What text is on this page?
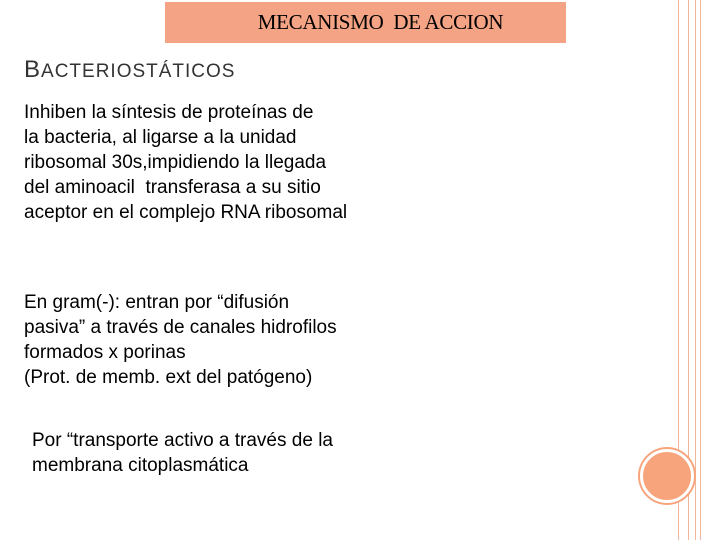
MECANISMO  DE ACCION
BACTERIOSTÁTICOS

Inhiben la síntesis de proteínas de
la bacteria, al ligarse a la unidad
ribosomal 30s,impidiendo la llegada
del aminoacil  transferasa a su sitio
aceptor en el complejo RNA ribosomal

En gram(-): entran por “difusión
pasiva” a través de canales hidrofilos
formados x porinas
(Prot. de memb. ext del patógeno)

Por “transporte activo a través de la
membrana citoplasmática
